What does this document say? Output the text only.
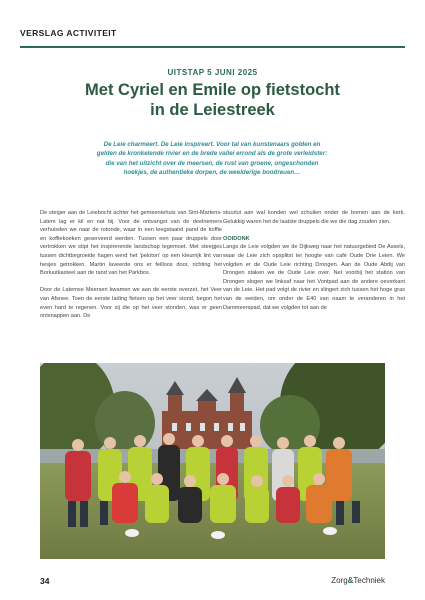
VERSLAG ACTIVITEIT
UITSTAP 5 JUNI 2025
Met Cyriel en Emile op fietstocht
in de Leiestreek
De Leie charmeert. De Leie inspireert. Voor tal van kunstenaars golden en
gelden de kronkelende rivier en de brede vallei errond als de grote verleidster:
die van het uitzicht over de meersen, de rust van groene, ongeschonden
hoekjes, de authentieke dorpen, de weelderige boodreuen…

De steiger aan de Leiebocht achter het gemeentehuis van Sint-Martens-Latem lag er kil en nat bij. Voor de ontvangst van de deelnemers verhuisden we naar de rotonde, waar in een leegstaand pand de koffie en koffiekoeken geserveerd werden. Tussen een paar druppels door vertrokken we stipt het inspirerende landschap tegemoet. Met steegjes tussen dichtbegroeide hagen werd het 'peloton' op een kleurrijk lint van hesjes getrokken. Martin laveerde ons er feilloos door, richting het Borluutkasteel aan de rand van het Parkbos.

Door de Latemse Meersen kwamen we aan de eerste overzet, het Veer van Afsnee. Toen de eerste lading fietsen op het veer stond, begon het even hard te regenen. Voor zij die op het veer stonden, was er geen ontsnappen aan. De

stuurlui aan wal konden wel schuilen onder de bomen aan de kerk. Gelukkig waren het de laatste druppels die we die dag zouden zien.

OOIDONK

Langs de Leie volgden we de Dijkweg naar het natuurgebied De Assels, waar de Leie zich opsplitst ter hoogte van café Oude Drie Leien. We volgden er de Oude Leie richting Drongen. Aan de Oude Abdij van Drongen staken we de Oude Leie over. Net voorbij het station van Drongen slogen we linksaf naar het Vontpad aan de andere oeverkant van de Leie. Het pad volgt de rivier en slingert zich tussen het hoge gras van de weiden, om onder de E40 van naam te veranderen in het Dammeerspad, dat we volgden tot aan de

34	Zorg&Techniek
